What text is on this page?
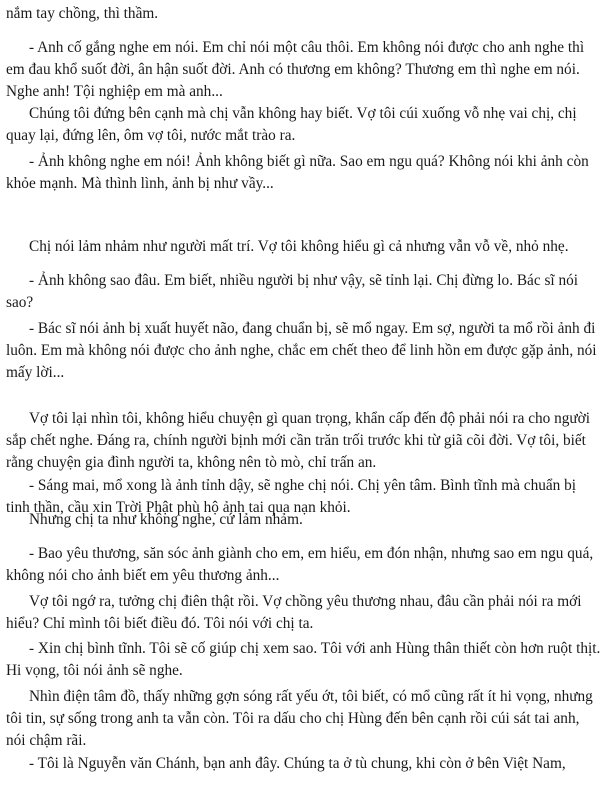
nắm tay chồng, thì thầm.

- Anh cố gắng nghe em nói. Em chỉ nói một câu thôi. Em không nói được cho anh nghe thì em đau khổ suốt đời, ân hận suốt đời. Anh có thương em không? Thương em thì nghe em nói. Nghe anh! Tội nghiệp em mà anh...

Chúng tôi đứng bên cạnh mà chị vẫn không hay biết. Vợ tôi cúi xuống vỗ nhẹ vai chị, chị quay lại, đứng lên, ôm vợ tôi, nước mắt trào ra.

- Ảnh không nghe em nói! Ảnh không biết gì nữa. Sao em ngu quá? Không nói khi ảnh còn khỏe mạnh. Mà thình lình, ảnh bị như vầy...

Chị nói lảm nhảm như người mất trí. Vợ tôi không hiểu gì cả nhưng vẫn vỗ về, nhỏ nhẹ.

- Ảnh không sao đâu. Em biết, nhiều người bị như vậy, sẽ tỉnh lại. Chị đừng lo. Bác sĩ nói sao?

- Bác sĩ nói ảnh bị xuất huyết não, đang chuẩn bị, sẽ mổ ngay. Em sợ, người ta mổ rồi ảnh đi luôn. Em mà không nói được cho ảnh nghe, chắc em chết theo để linh hồn em được gặp ảnh, nói mấy lời...

Vợ tôi lại nhìn tôi, không hiểu chuyện gì quan trọng, khẩn cấp đến độ phải nói ra cho người sắp chết nghe. Đáng ra, chính người bịnh mới cần trăn trối trước khi từ giã cõi đời. Vợ tôi, biết rằng chuyện gia đình người ta, không nên tò mò, chỉ trấn an.

- Sáng mai, mổ xong là ảnh tỉnh dậy, sẽ nghe chị nói. Chị yên tâm. Bình tĩnh mà chuẩn bị tinh thần, cầu xin Trời Phật phù hộ ảnh tai qua nạn khỏi.

Nhưng chị ta như không nghe, cứ lảm nhảm.

- Bao yêu thương, săn sóc ảnh giành cho em, em hiểu, em đón nhận, nhưng sao em ngu quá, không nói cho ảnh biết em yêu thương ảnh...

Vợ tôi ngớ ra, tưởng chị điên thật rồi. Vợ chồng yêu thương nhau, đâu cần phải nói ra mới hiểu? Chỉ mình tôi biết điều đó. Tôi nói với chị ta.

- Xin chị bình tĩnh. Tôi sẽ cố giúp chị xem sao. Tôi với anh Hùng thân thiết còn hơn ruột thịt. Hi vọng, tôi nói ảnh sẽ nghe.

Nhìn điện tâm đồ, thấy những gợn sóng rất yếu ớt, tôi biết, có mổ cũng rất ít hi vọng, nhưng tôi tin, sự sống trong anh ta vẫn còn. Tôi ra dấu cho chị Hùng đến bên cạnh rồi cúi sát tai anh, nói chậm rãi.

- Tôi là Nguyễn văn Chánh, bạn anh đây. Chúng ta ở tù chung, khi còn ở bên Việt Nam,
